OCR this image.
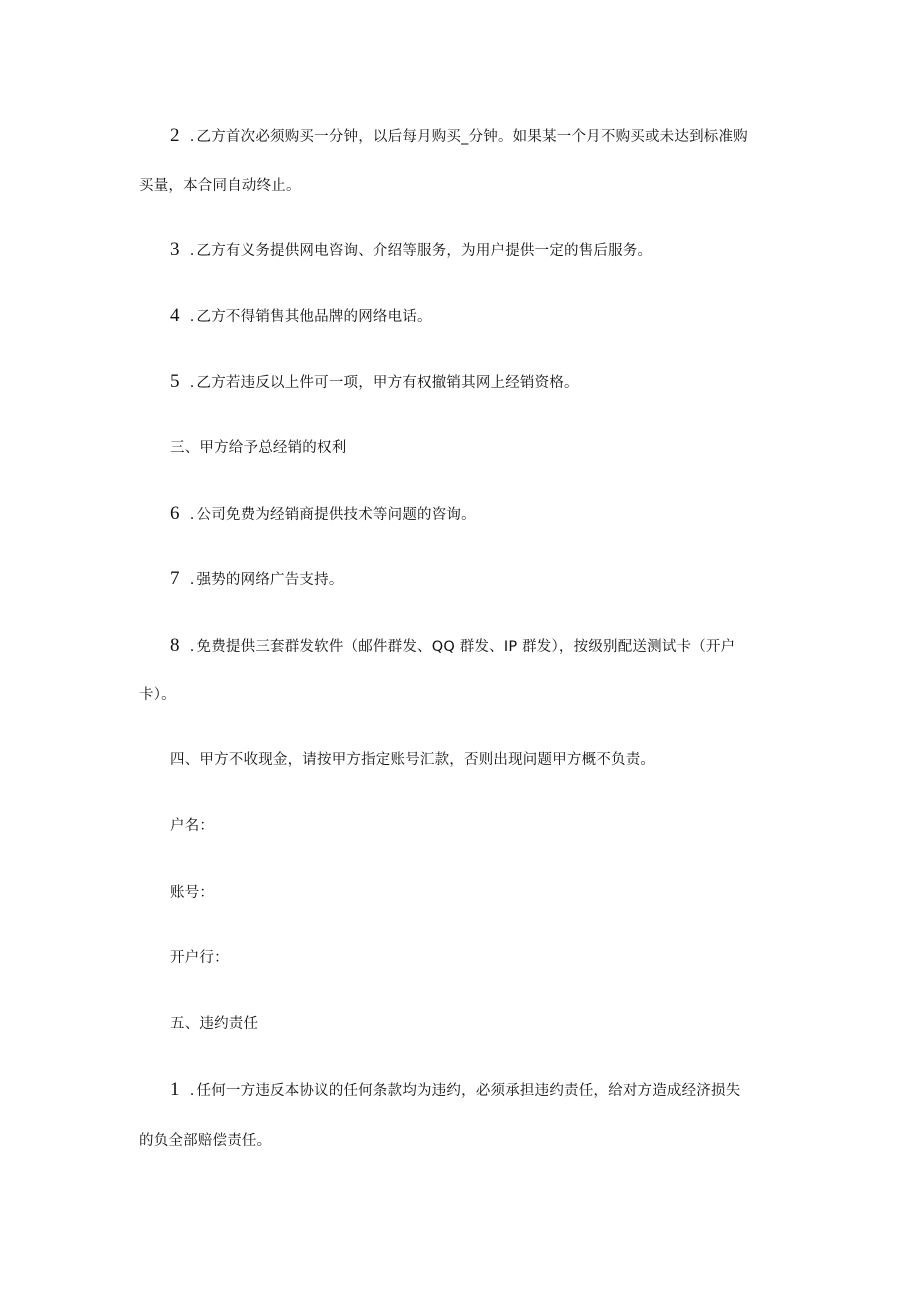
2 . 乙方首次必须购买一分钟，以后每月购买_分钟。如果某一个月不购买或未达到标准购
买量，本合同自动终止。
3 . 乙方有义务提供网电咨询、介绍等服务，为用户提供一定的售后服务。
4 . 乙方不得销售其他品牌的网络电话。
5 . 乙方若违反以上件可一项，甲方有权撤销其网上经销资格。
三、甲方给予总经销的权利
6 . 公司免费为经销商提供技术等问题的咨询。
7 . 强势的网络广告支持。
8 . 免费提供三套群发软件（邮件群发、QQ 群发、IP 群发），按级别配送测试卡（开户
卡）。
四、甲方不收现金，请按甲方指定账号汇款，否则出现问题甲方概不负责。
户名：
账号：
开户行：
五、违约责任
1 . 任何一方违反本协议的任何条款均为违约，必须承担违约责任，给对方造成经济损失
的负全部赔偿责任。
